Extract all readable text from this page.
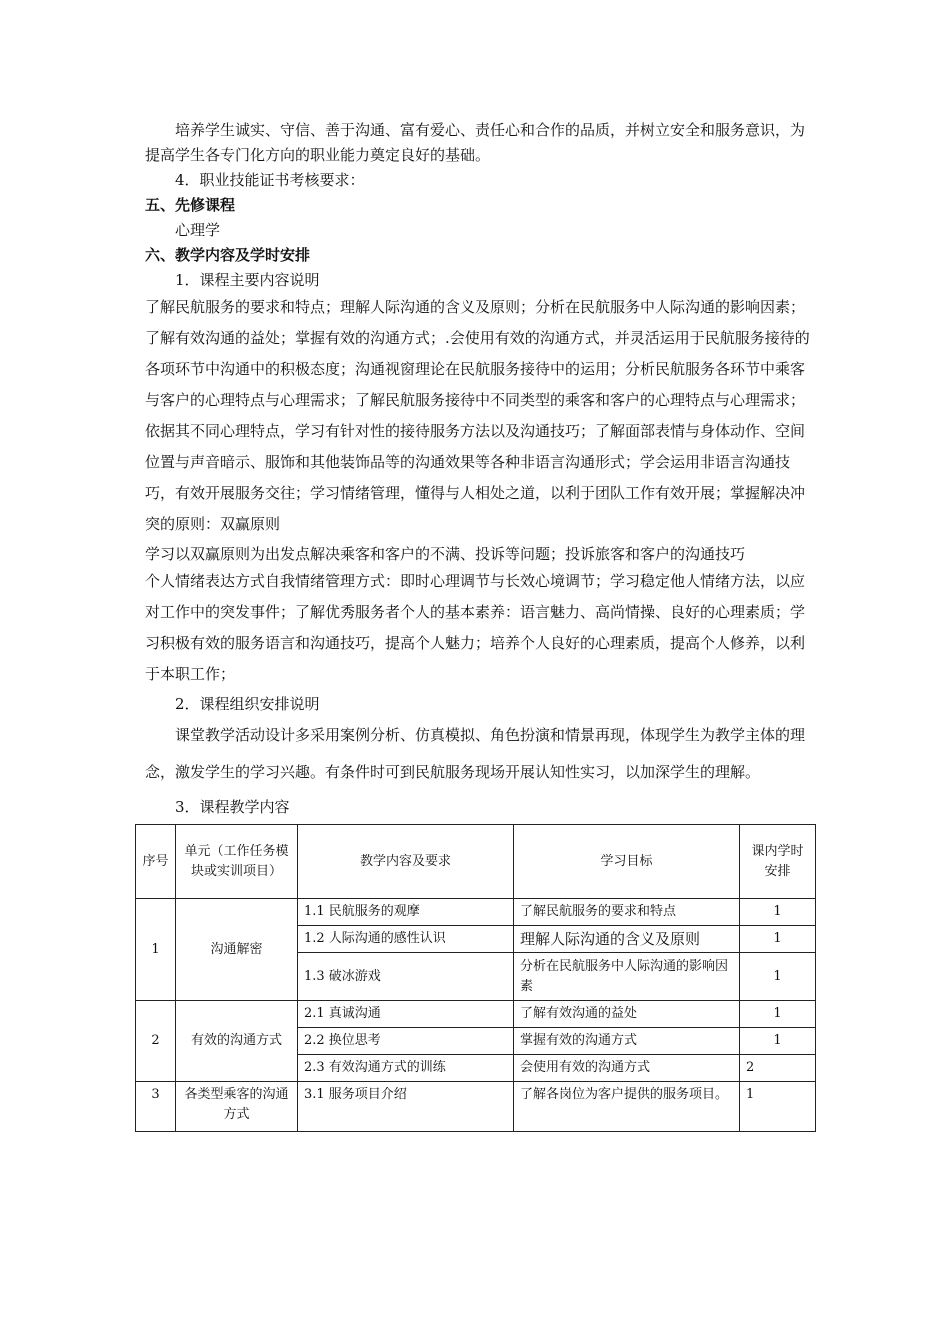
培养学生诚实、守信、善于沟通、富有爱心、责任心和合作的品质，并树立安全和服务意识，为提高学生各专门化方向的职业能力奠定良好的基础。

4．职业技能证书考核要求：

五、先修课程

心理学

六、教学内容及学时安排

1．课程主要内容说明

了解民航服务的要求和特点；理解人际沟通的含义及原则；分析在民航服务中人际沟通的影响因素；了解有效沟通的益处；掌握有效的沟通方式；.会使用有效的沟通方式，并灵活运用于民航服务接待的各项环节中沟通中的积极态度；沟通视窗理论在民航服务接待中的运用；分析民航服务各环节中乘客与客户的心理特点与心理需求；了解民航服务接待中不同类型的乘客和客户的心理特点与心理需求；依据其不同心理特点，学习有针对性的接待服务方法以及沟通技巧；了解面部表情与身体动作、空间位置与声音暗示、服饰和其他装饰品等的沟通效果等各种非语言沟通形式；学会运用非语言沟通技巧，有效开展服务交往；学习情绪管理，懂得与人相处之道，以利于团队工作有效开展；掌握解决冲突的原则：双赢原则

学习以双赢原则为出发点解决乘客和客户的不满、投诉等问题；投诉旅客和客户的沟通技巧

个人情绪表达方式自我情绪管理方式：即时心理调节与长效心境调节；学习稳定他人情绪方法，以应对工作中的突发事件；了解优秀服务者个人的基本素养：语言魅力、高尚情操、良好的心理素质；学习积极有效的服务语言和沟通技巧，提高个人魅力；培养个人良好的心理素质，提高个人修养，以利于本职工作；

2．课程组织安排说明

课堂教学活动设计多采用案例分析、仿真模拟、角色扮演和情景再现，体现学生为教学主体的理念，激发学生的学习兴趣。有条件时可到民航服务现场开展认知性实习，以加深学生的理解。

3．课程教学内容

序号	单元（工作任务模块或实训项目）	教学内容及要求	学习目标	课内学时安排
1	沟通解密	1.1 民航服务的观摩	了解民航服务的要求和特点	1
		1.2 人际沟通的感性认识	理解人际沟通的含义及原则	1
		1.3 破冰游戏	分析在民航服务中人际沟通的影响因素	1
2	有效的沟通方式	2.1 真诚沟通	了解有效沟通的益处	1
		2.2 换位思考	掌握有效的沟通方式	1
		2.3 有效沟通方式的训练	会使用有效的沟通方式	2
3	各类型乘客的沟通方式	3.1 服务项目介绍	了解各岗位为客户提供的服务项目。	1
